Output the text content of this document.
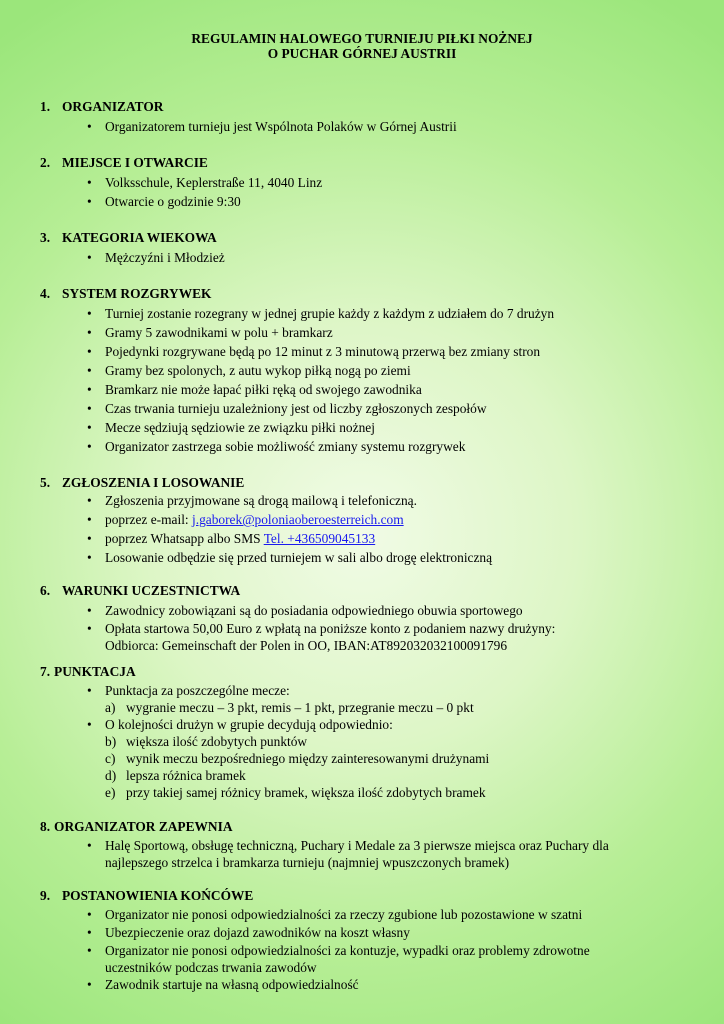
REGULAMIN HALOWEGO TURNIEJU PIŁKI NOŻNEJ
O PUCHAR GÓRNEJ AUSTRII
1. ORGANIZATOR
• Organizatorem turnieju jest Wspólnota Polaków w Górnej Austrii
2. MIEJSCE I OTWARCIE
• Volksschule, Keplerstraße 11, 4040 Linz
• Otwarcie o godzinie 9:30
3. KATEGORIA WIEKOWA
• Mężczyźni i Młodzież
4. SYSTEM ROZGRYWEK
• Turniej zostanie rozegrany w jednej grupie każdy z każdym z udziałem do 7 drużyn
• Gramy 5 zawodnikami w polu + bramkarz
• Pojedynki rozgrywane będą po 12 minut z 3 minutową przerwą bez zmiany stron
• Gramy bez spolonych, z autu wykop piłką nogą po ziemi
• Bramkarz nie może łapać piłki ręką od swojego zawodnika
• Czas trwania turnieju uzależniony jest od liczby zgłoszonych zespołów
• Mecze sędziują sędziowie ze związku piłki nożnej
• Organizator zastrzega sobie możliwość zmiany systemu rozgrywek
5. ZGŁOSZENIA I LOSOWANIE
• Zgłoszenia przyjmowane są drogą mailową i telefoniczną.
• poprzez e-mail: j.gaborek@poloniaoberoesterreich.com
• poprzez Whatsapp albo SMS Tel. +436509045133
• Losowanie odbędzie się przed turniejem w sali albo drogę elektroniczną
6. WARUNKI UCZESTNICTWA
• Zawodnicy zobowiązani są do posiadania odpowiedniego obuwia sportowego
• Opłata startowa 50,00 Euro z wpłatą na poniższe konto z podaniem nazwy drużyny:
Odbiorca: Gemeinschaft der Polen in OO, IBAN:AT892032032100091796
7. PUNKTACJA
• Punktacja za poszczególne mecze:
a) wygranie meczu – 3 pkt, remis – 1 pkt, przegranie meczu – 0 pkt
• O kolejności drużyn w grupie decydują odpowiednio:
b) większa ilość zdobytych punktów
c) wynik meczu bezpośredniego między zainteresowanymi drużynami
d) lepsza różnica bramek
e) przy takiej samej różnicy bramek, większa ilość zdobytych bramek
8. ORGANIZATOR ZAPEWNIA
• Halę Sportową, obsługę techniczną, Puchary i Medale za 3 pierwsze miejsca oraz Puchary dla
najlepszego strzelca i bramkarza turnieju (najmniej wpuszczonych bramek)
9. POSTANOWIENIA KOŃCÓWE
• Organizator nie ponosi odpowiedzialności za rzeczy zgubione lub pozostawione w szatni
• Ubezpieczenie oraz dojazd zawodników na koszt własny
• Organizator nie ponosi odpowiedzialności za kontuzje, wypadki oraz problemy zdrowotne
uczestników podczas trwania zawodów
• Zawodnik startuje na własną odpowiedzialność
